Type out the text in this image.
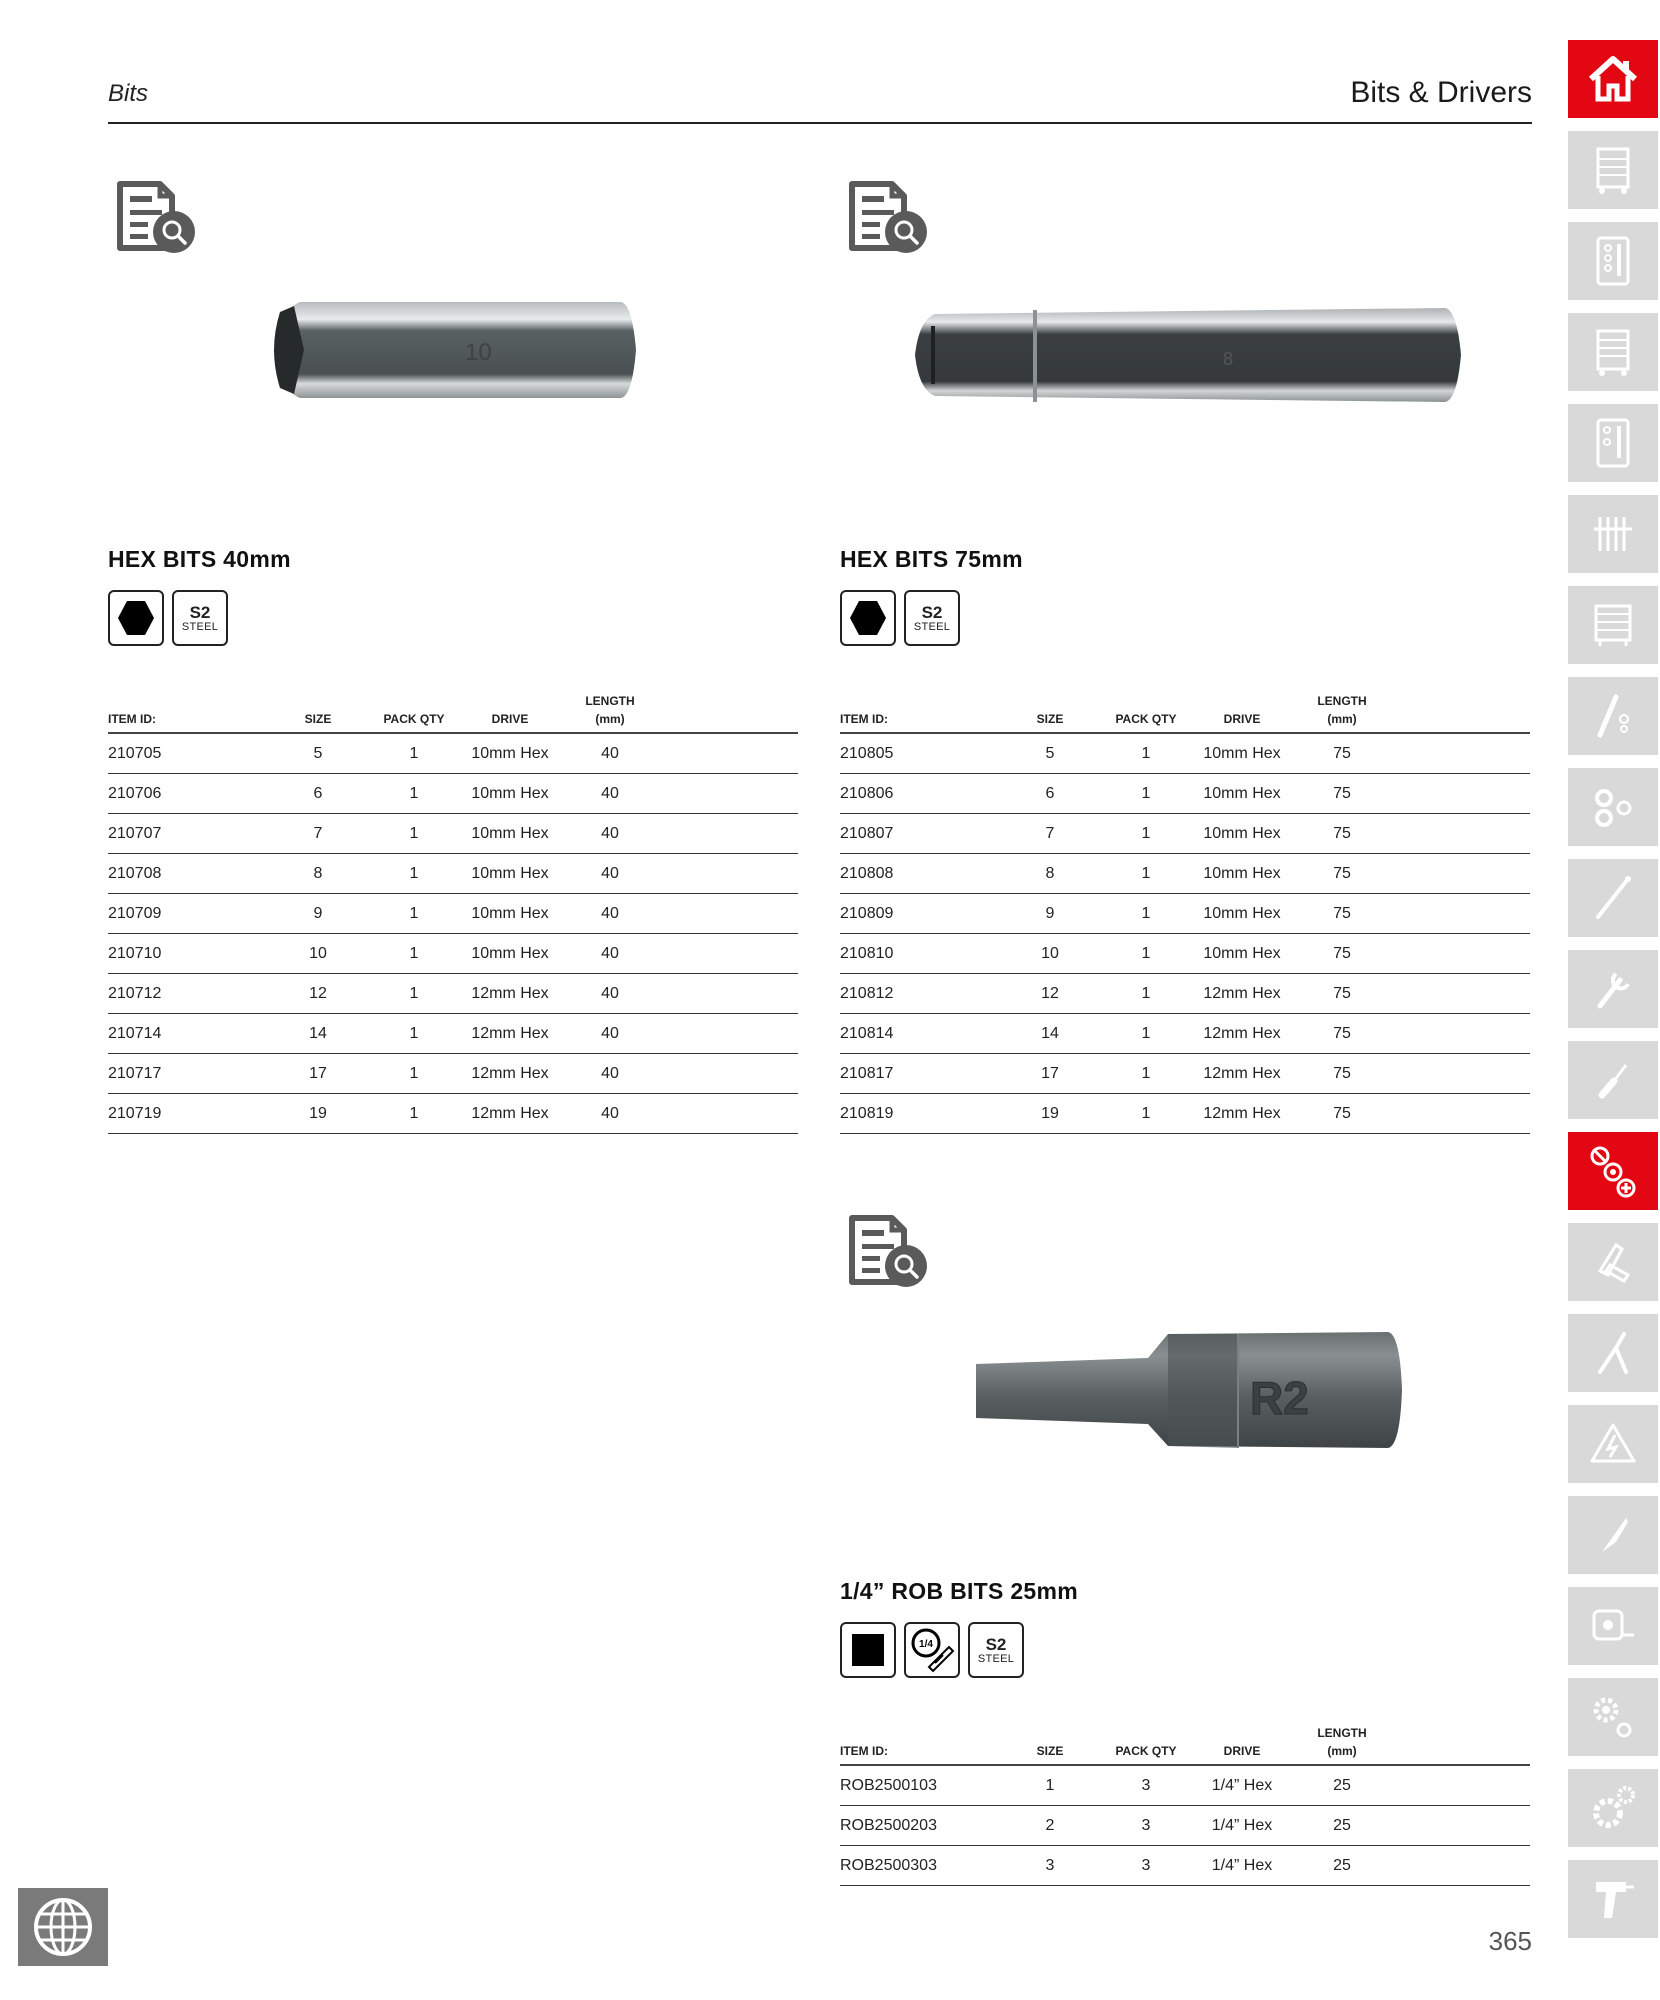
Bits	Bits & Drivers
10
HEX BITS 40mm
S2
STEEL
ITEM ID:	SIZE	PACK QTY	DRIVE	LENGTH
(mm)	
210705	5	1	10mm Hex	40	
210706	6	1	10mm Hex	40	
210707	7	1	10mm Hex	40	
210708	8	1	10mm Hex	40	
210709	9	1	10mm Hex	40	
210710	10	1	10mm Hex	40	
210712	12	1	12mm Hex	40	
210714	14	1	12mm Hex	40	
210717	17	1	12mm Hex	40	
210719	19	1	12mm Hex	40	
8
HEX BITS 75mm
S2
STEEL
ITEM ID:	SIZE	PACK QTY	DRIVE	LENGTH
(mm)	
210805	5	1	10mm Hex	75	
210806	6	1	10mm Hex	75	
210807	7	1	10mm Hex	75	
210808	8	1	10mm Hex	75	
210809	9	1	10mm Hex	75	
210810	10	1	10mm Hex	75	
210812	12	1	12mm Hex	75	
210814	14	1	12mm Hex	75	
210817	17	1	12mm Hex	75	
210819	19	1	12mm Hex	75	
R2
1/4” ROB BITS 25mm
1/4	S2
STEEL
ITEM ID:	SIZE	PACK QTY	DRIVE	LENGTH
(mm)	
ROB2500103	1	3	1/4” Hex	25	
ROB2500203	2	3	1/4” Hex	25	
ROB2500303	3	3	1/4” Hex	25	
365
